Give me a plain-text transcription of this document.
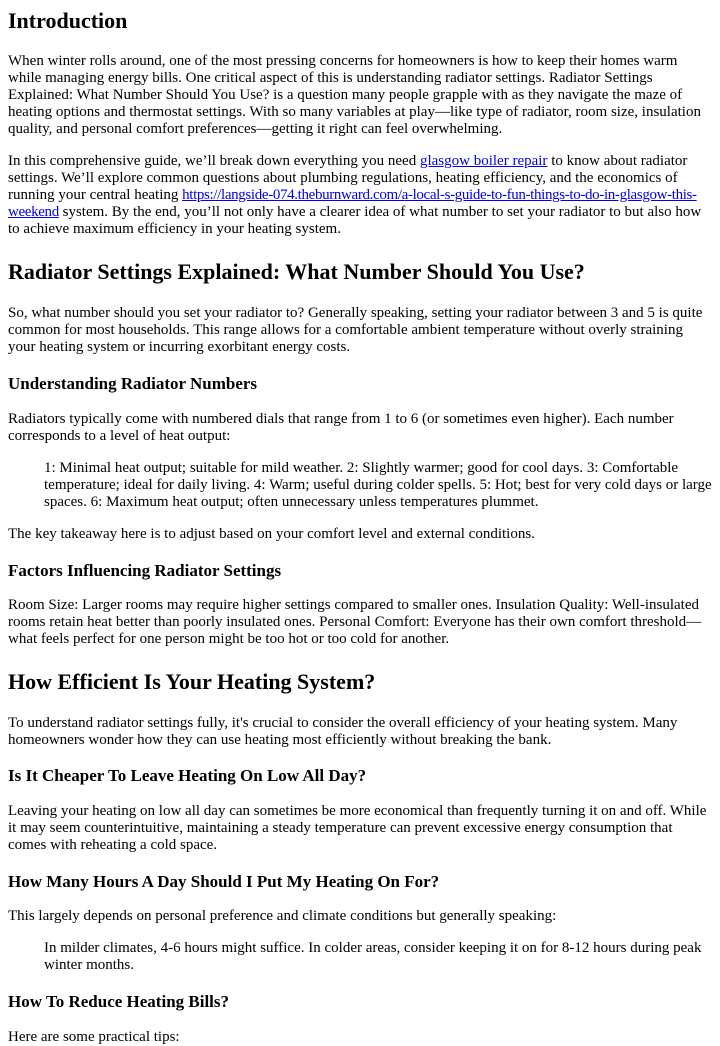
Introduction

When winter rolls around, one of the most pressing concerns for homeowners is how to keep their homes warm while managing energy bills. One critical aspect of this is understanding radiator settings. Radiator Settings Explained: What Number Should You Use? is a question many people grapple with as they navigate the maze of heating options and thermostat settings. With so many variables at play—like type of radiator, room size, insulation quality, and personal comfort preferences—getting it right can feel overwhelming.

In this comprehensive guide, we’ll break down everything you need glasgow boiler repair to know about radiator settings. We’ll explore common questions about plumbing regulations, heating efficiency, and the economics of running your central heating https://langside-074.theburnward.com/a-local-s-guide-to-fun-things-to-do-in-glasgow-this-weekend system. By the end, you’ll not only have a clearer idea of what number to set your radiator to but also how to achieve maximum efficiency in your heating system.

Radiator Settings Explained: What Number Should You Use?

So, what number should you set your radiator to? Generally speaking, setting your radiator between 3 and 5 is quite common for most households. This range allows for a comfortable ambient temperature without overly straining your heating system or incurring exorbitant energy costs.

Understanding Radiator Numbers

Radiators typically come with numbered dials that range from 1 to 6 (or sometimes even higher). Each number corresponds to a level of heat output:

1: Minimal heat output; suitable for mild weather. 2: Slightly warmer; good for cool days. 3: Comfortable temperature; ideal for daily living. 4: Warm; useful during colder spells. 5: Hot; best for very cold days or large spaces. 6: Maximum heat output; often unnecessary unless temperatures plummet.

The key takeaway here is to adjust based on your comfort level and external conditions.

Factors Influencing Radiator Settings

Room Size: Larger rooms may require higher settings compared to smaller ones. Insulation Quality: Well-insulated rooms retain heat better than poorly insulated ones. Personal Comfort: Everyone has their own comfort threshold—what feels perfect for one person might be too hot or too cold for another.

How Efficient Is Your Heating System?

To understand radiator settings fully, it's crucial to consider the overall efficiency of your heating system. Many homeowners wonder how they can use heating most efficiently without breaking the bank.

Is It Cheaper To Leave Heating On Low All Day?

Leaving your heating on low all day can sometimes be more economical than frequently turning it on and off. While it may seem counterintuitive, maintaining a steady temperature can prevent excessive energy consumption that comes with reheating a cold space.

How Many Hours A Day Should I Put My Heating On For?

This largely depends on personal preference and climate conditions but generally speaking:

In milder climates, 4-6 hours might suffice. In colder areas, consider keeping it on for 8-12 hours during peak winter months.
How To Reduce Heating Bills?

Here are some practical tips:
